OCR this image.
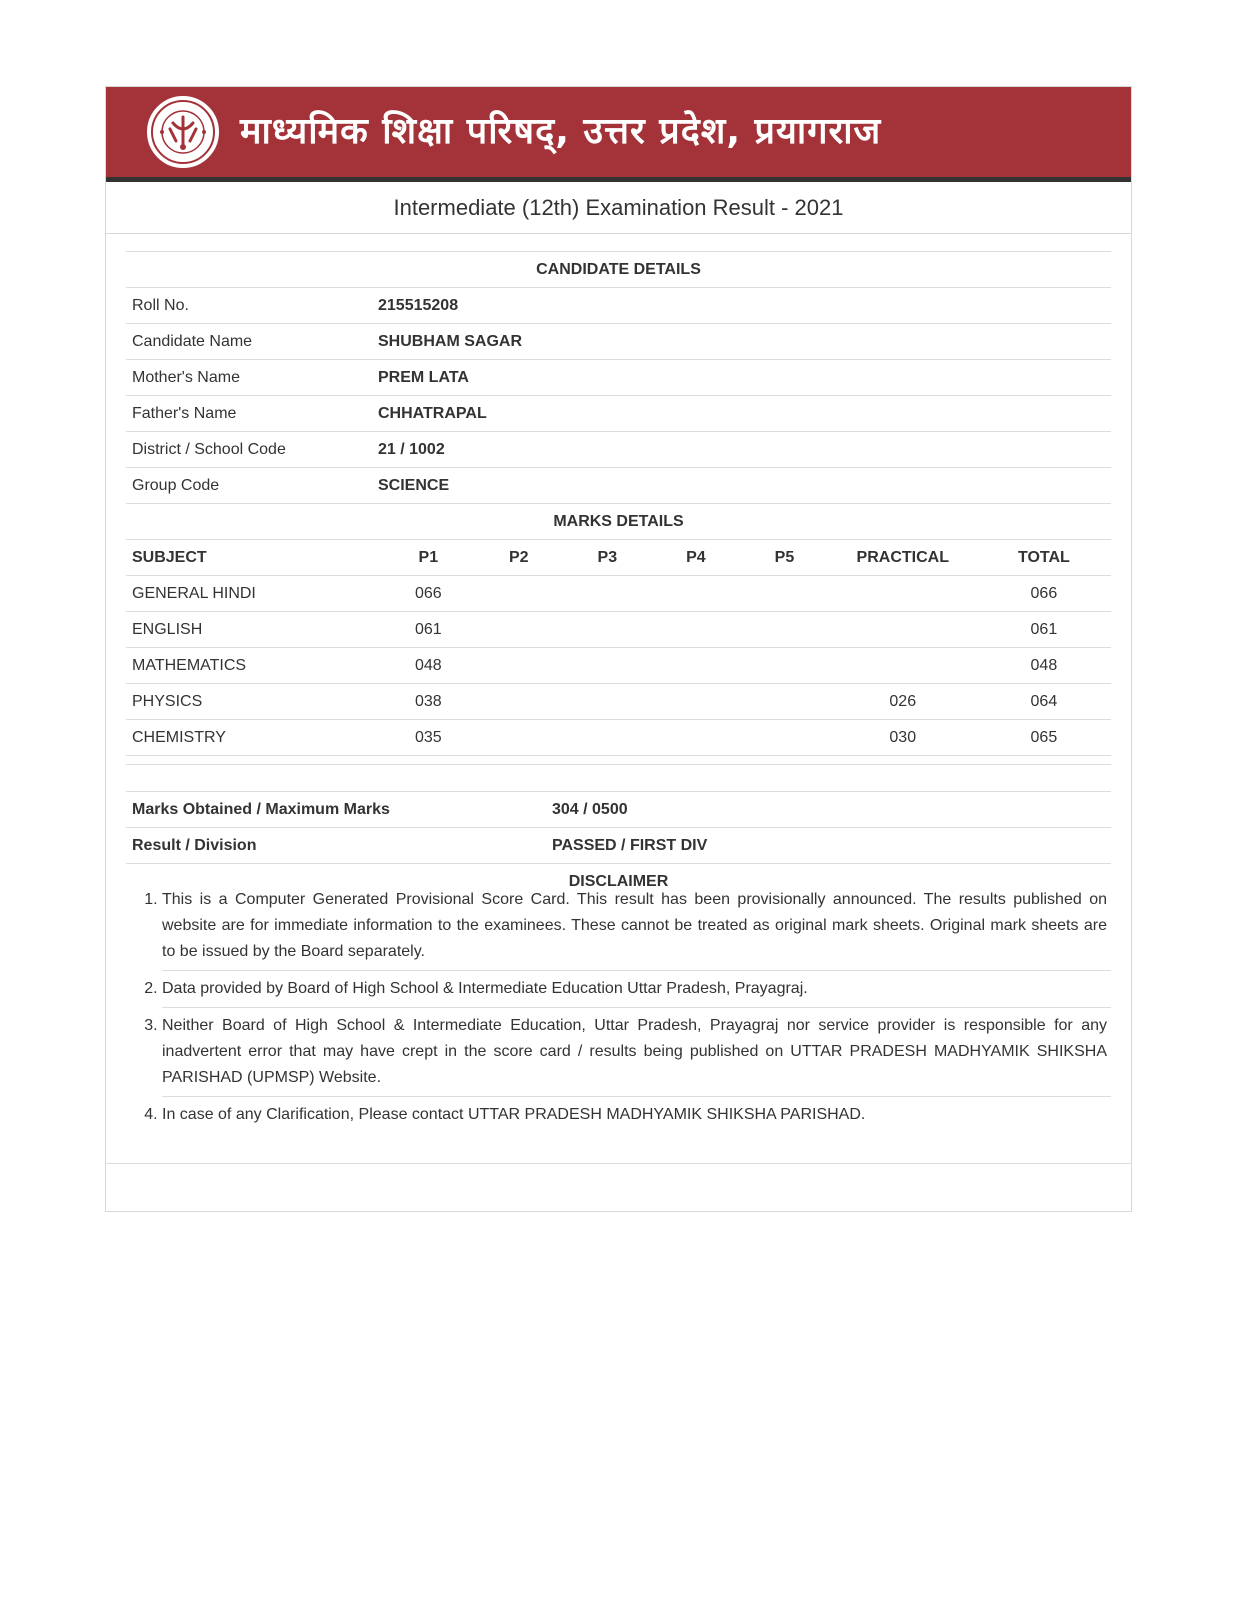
माध्यमिक शिक्षा परिषद्, उत्तर प्रदेश, प्रयागराज
Intermediate (12th) Examination Result - 2021
CANDIDATE DETAILS	
Roll No.	215515208
Candidate Name	SHUBHAM SAGAR
Mother's Name	PREM LATA
Father's Name	CHHATRAPAL
District / School Code	21 / 1002
Group Code	SCIENCE
MARKS DETAILS							
SUBJECT	P1	P2	P3	P4	P5	PRACTICAL	TOTAL
GENERAL HINDI	066						066
ENGLISH	061						061
MATHEMATICS	048						048
PHYSICS	038					026	064
CHEMISTRY	035					030	065

Marks Obtained / Maximum Marks	304 / 0500
Result / Division	PASSED / FIRST DIV
DISCLAIMER	
1. This is a Computer Generated Provisional Score Card. This result has been provisionally announced. The results published on website are for immediate information to the examinees. These cannot be treated as original mark sheets. Original mark sheets are to be issued by the Board separately.
2. Data provided by Board of High School & Intermediate Education Uttar Pradesh, Prayagraj.
3. Neither Board of High School & Intermediate Education, Uttar Pradesh, Prayagraj nor service provider is responsible for any inadvertent error that may have crept in the score card / results being published on UTTAR PRADESH MADHYAMIK SHIKSHA PARISHAD (UPMSP) Website.
4. In case of any Clarification, Please contact UTTAR PRADESH MADHYAMIK SHIKSHA PARISHAD.
